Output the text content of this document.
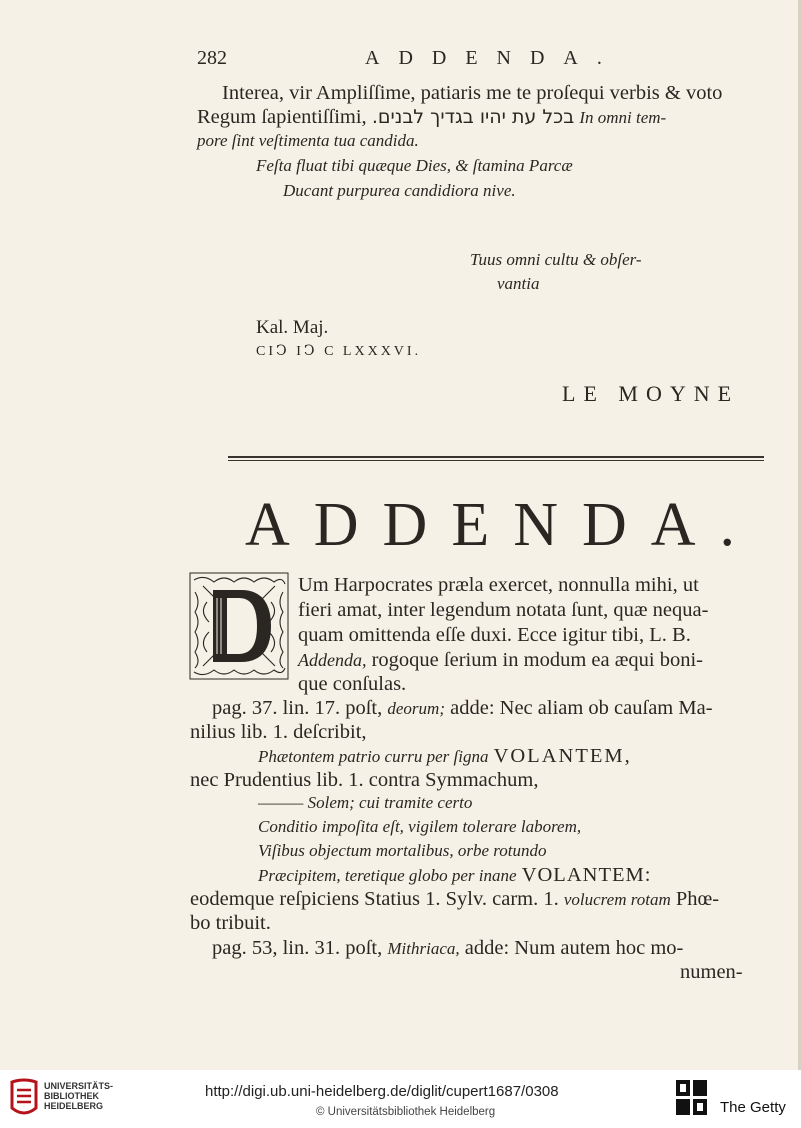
282	ADDENDA.
Interea, vir Ampliſſime, patiaris me te proſequi verbis & voto
Regum ſapientiſſimi, בכל עת יהיו בגדיך לבנים. In omni tem-
pore ſint veſtimenta tua candida.
Feſta fluat tibi quæque Dies, & ſtamina Parcæ
Ducant purpurea candidiora nive.
Tuus omni cultu & obſer-
vantia
Kal. Maj.
CIↃ IↃ C LXXXVI.
LE MOYNE
ADDENDA.
Um Harpocrates præla exercet, nonnulla mihi, ut
fieri amat, inter legendum notata ſunt, quæ nequa-
quam omittenda eſſe duxi. Ecce igitur tibi, L. B.
Addenda, rogoque ſerium in modum ea æqui boni-
que conſulas.
pag. 37. lin. 17. poſt, deorum; adde: Nec aliam ob cauſam Ma-
nilius lib. 1. deſcribit,
Phætontem patrio curru per ſigna VOLANTEM,
nec Prudentius lib. 1. contra Symmachum,
——— Solem; cui tramite certo
Conditio impoſita eſt, vigilem tolerare laborem,
Viſibus objectum mortalibus, orbe rotundo
Præcipitem, teretique globo per inane VOLANTEM:
eodemque reſpiciens Statius 1. Sylv. carm. 1. volucrem rotam Phœ-
bo tribuit.
pag. 53, lin. 31. poſt, Mithriaca, adde: Num autem hoc mo-
numen-
UNIVERSITÄTS-
BIBLIOTHEK
HEIDELBERG
http://digi.ub.uni-heidelberg.de/diglit/cupert1687/0308
© Universitätsbibliothek Heidelberg	The Getty
